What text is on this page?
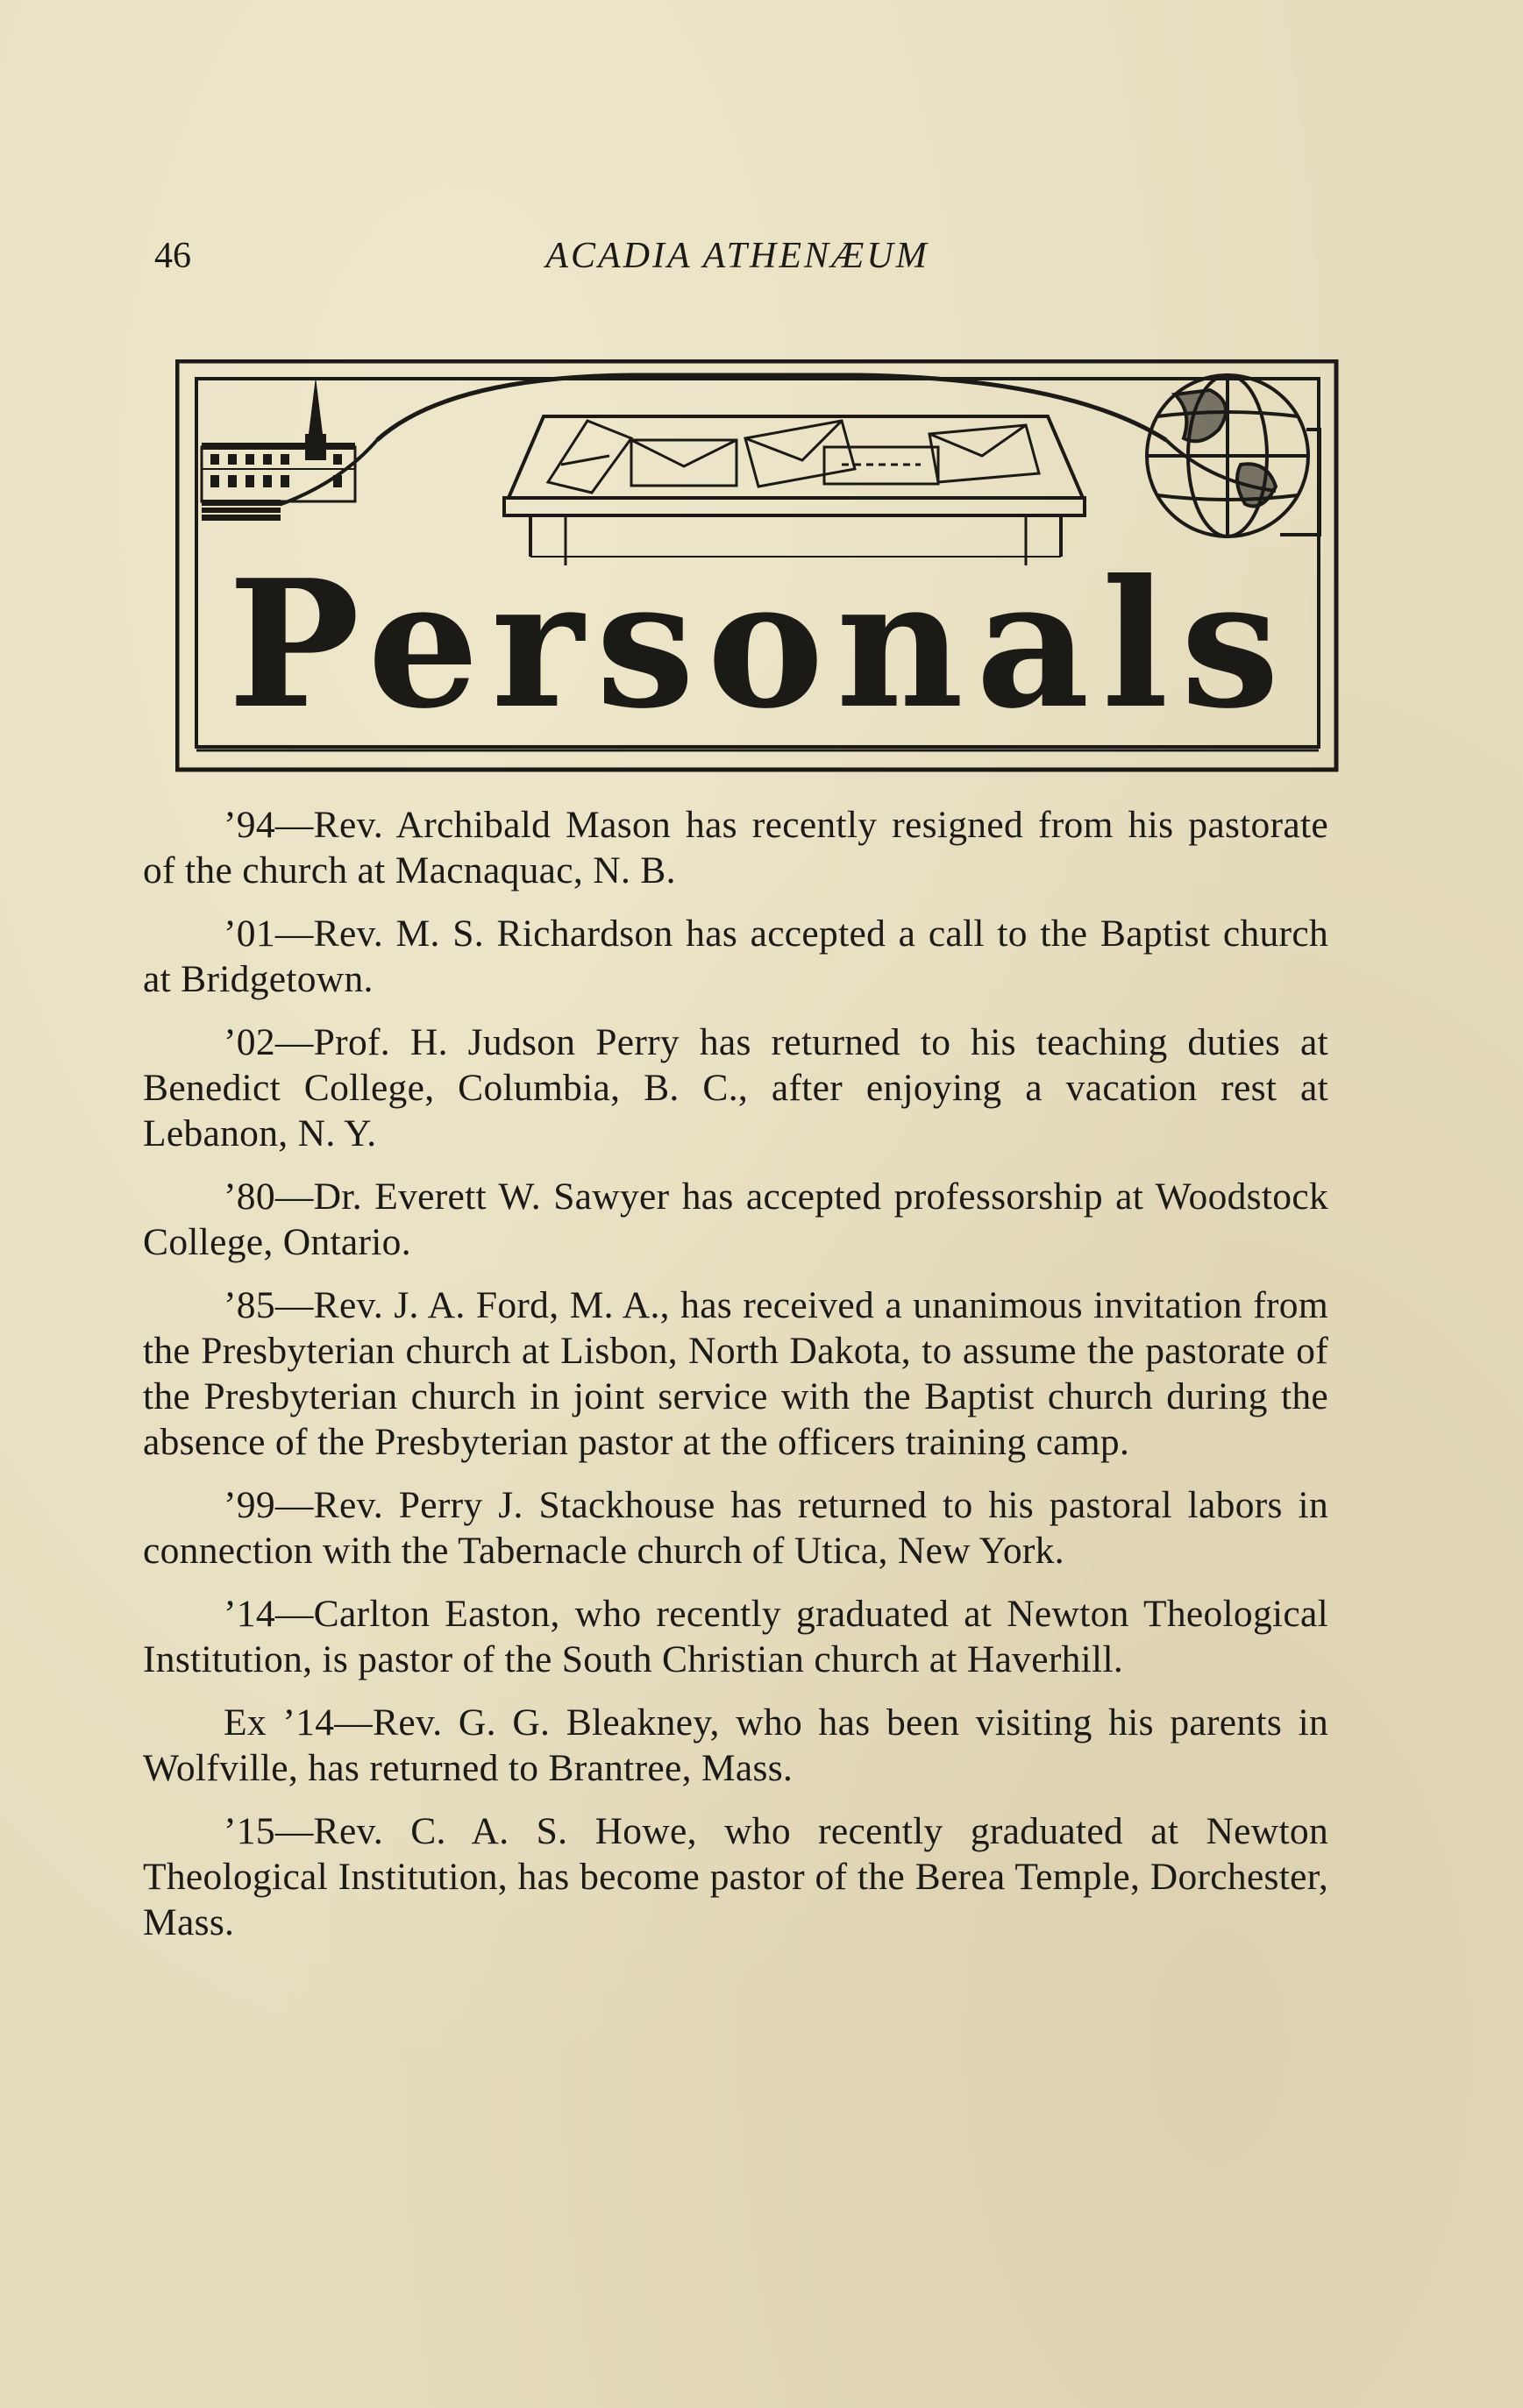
46	ACADIA ATHENÆUM
Personals

’94—Rev. Archibald Mason has recently resigned from his pastorate of the church at Macnaquac, N. B.

’01—Rev. M. S. Richardson has accepted a call to the Baptist church at Bridgetown.

’02—Prof. H. Judson Perry has returned to his teaching duties at Benedict College, Columbia, B. C., after enjoying a vacation rest at Lebanon, N. Y.

’80—Dr. Everett W. Sawyer has accepted professorship at Woodstock College, Ontario.

’85—Rev. J. A. Ford, M. A., has received a unanimous invitation from the Presbyterian church at Lisbon, North Dakota, to assume the pastorate of the Presbyterian church in joint service with the Baptist church during the absence of the Presbyterian pastor at the officers training camp.

’99—Rev. Perry J. Stackhouse has returned to his pastoral labors in connection with the Tabernacle church of Utica, New York.

’14—Carlton Easton, who recently graduated at Newton Theological Institution, is pastor of the South Christian church at Haverhill.

Ex ’14—Rev. G. G. Bleakney, who has been visiting his parents in Wolfville, has returned to Brantree, Mass.

’15—Rev. C. A. S. Howe, who recently graduated at Newton Theological Institution, has become pastor of the Berea Temple, Dorchester, Mass.
